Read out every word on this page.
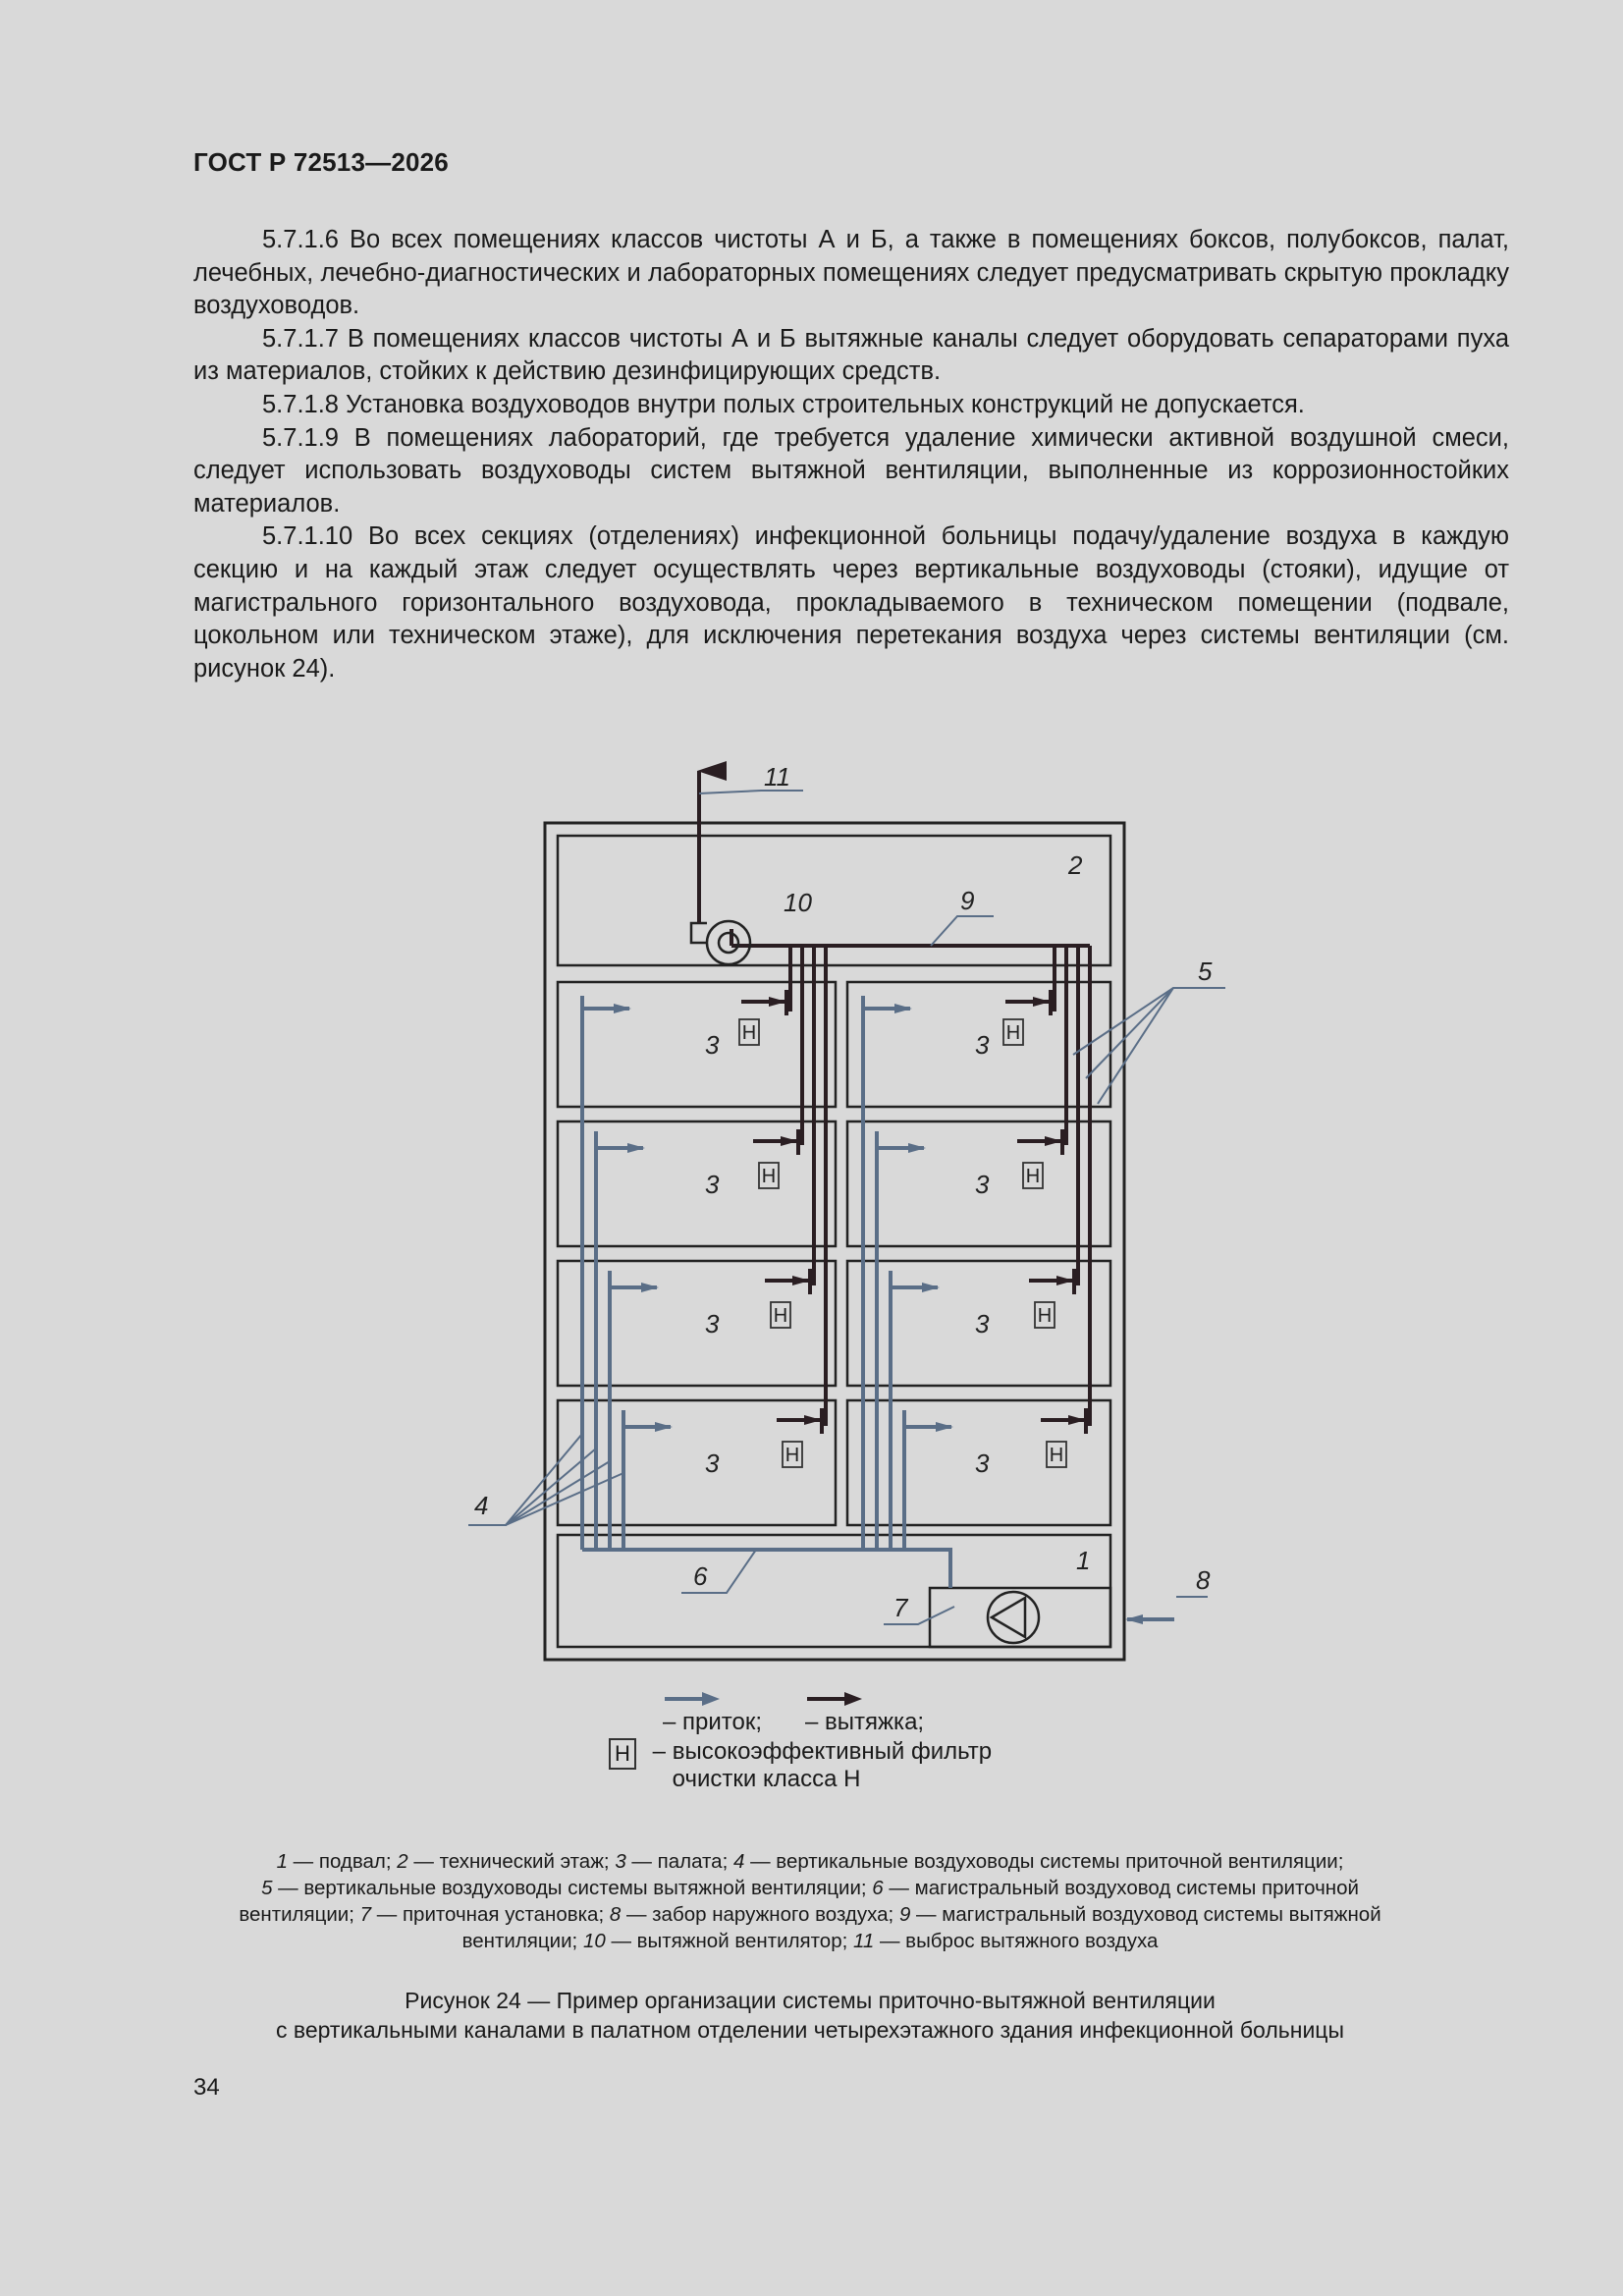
ГОСТ Р 72513—2026

5.7.1.6 Во всех помещениях классов чистоты А и Б, а также в помещениях боксов, полубоксов, палат, лечебных, лечебно-диагностических и лабораторных помещениях следует предусматривать скрытую прокладку воздуховодов.

5.7.1.7 В помещениях классов чистоты А и Б вытяжные каналы следует оборудовать сепараторами пуха из материалов, стойких к действию дезинфицирующих средств.

5.7.1.8 Установка воздуховодов внутри полых строительных конструкций не допускается.

5.7.1.9 В помещениях лабораторий, где требуется удаление химически активной воздушной смеси, следует использовать воздуховоды систем вытяжной вентиляции, выполненные из коррозионностойких материалов.

5.7.1.10 Во всех секциях (отделениях) инфекционной больницы подачу/удаление воздуха в каждую секцию и на каждый этаж следует осуществлять через вертикальные воздуховоды (стояки), идущие от магистрального горизонтального воздуховода, прокладываемого в техническом помещении (подвале, цокольном или техническом этаже), для исключения перетекания воздуха через системы вентиляции (см. рисунок 24).

3 Н	3 Н
3 Н	3 Н
3	Н	3 Н
3	Н	3	Н
11
2
10	9
5
4
1
8
6
7
– приток; – вытяжка;
Н – высокоэффективный фильтр
очистки класса Н
1 — подвал; 2 — технический этаж; 3 — палата; 4 — вертикальные воздуховоды системы приточной вентиляции;
5 — вертикальные воздуховоды системы вытяжной вентиляции; 6 — магистральный воздуховод системы приточной
вентиляции; 7 — приточная установка; 8 — забор наружного воздуха; 9 — магистральный воздуховод системы вытяжной
вентиляции; 10 — вытяжной вентилятор; 11 — выброс вытяжного воздуха
Рисунок 24 — Пример организации системы приточно-вытяжной вентиляции
с вертикальными каналами в палатном отделении четырехэтажного здания инфекционной больницы
34
